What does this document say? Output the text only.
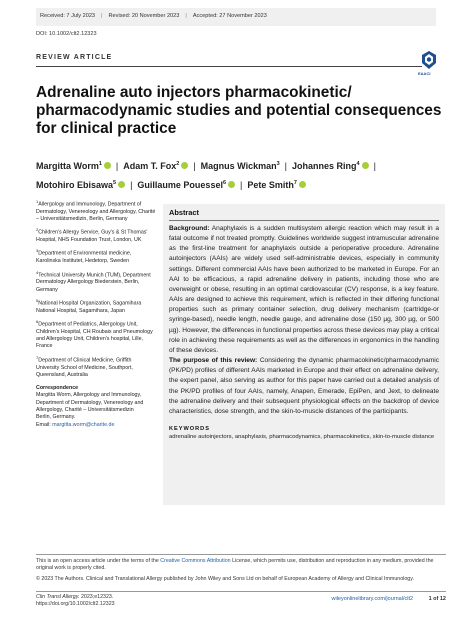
Received: 7 July 2023 | Revised: 20 November 2023 | Accepted: 27 November 2023
DOI: 10.1002/clt2.12323
REVIEW ARTICLE
EAACI
Adrenaline auto injectors pharmacokinetic/ pharmacodynamic studies and potential consequences for clinical practice
Margitta Worm$^1$ | Adam T. Fox$^2$ | Magnus Wickman$^3$ | Johannes Ring$^4$ |
Motohiro Ebisawa$^5$ | Guillaume Pouessel$^6$ | Pete Smith$^7$
$^1$Allergology and Immunology, Department of Dermatology, Venereology and Allergology, Charité – Universitätsmedizin, Berlin, Germany
$^2$Children's Allergy Service, Guy's & St Thomas' Hospital, NHS Foundation Trust, London, UK
$^3$Department of Environmental medicine, Karolinska Institutet, Hedetorp, Sweden
$^4$Technical University Munich (TUM), Department Dermatology Allergology Biederstein, Berlin, Germany
$^5$National Hospital Organization, Sagamihara National Hospital, Sagamihara, Japan
$^6$Department of Pediatrics, Allergology Unit, Children's Hospital, CH Roubaix and Pneumology and Allergology Unit, Children's hospital, Lille, France
$^7$Department of Clinical Medicine, Griffith University School of Medicine, Southport, Queensland, Australia
Correspondence
Margitta Worm, Allergology and Immunology,
Department of Dermatology, Venereology and
Allergology, Charité – Universitätsmedizin
Berlin, Germany.
Email: margitta.worm@charite.de
Abstract

Background: Anaphylaxis is a sudden multisystem allergic reaction which may result in a fatal outcome if not treated promptly. Guidelines worldwide suggest intramuscular adrenaline as the first-line treatment for anaphylaxis outside a perioperative procedure. Adrenaline autoinjectors (AAIs) are widely used self-administrable devices, especially in community settings. Different commercial AAIs have been authorized to be marketed in Europe. For an AAI to be efficacious, a rapid adrenaline delivery in patients, including those who are overweight or obese, resulting in an optimal cardiovascular (CV) response, is a key feature. AAIs are designed to achieve this requirement, which is reflected in their differing functional properties such as primary container selection, drug delivery mechanism (cartridge-or syringe-based), needle length, needle gauge, and adrenaline dose (150 µg, 300 µg, or 500 µg). However, the differences in functional properties across these devices may play a critical role in achieving these requirements as well as the differences in ergonomics in the handling of these devices.

The purpose of this review: Considering the dynamic pharmacokinetic/pharmacodynamic (PK/PD) profiles of different AAIs marketed in Europe and their effect on adrenaline delivery, the expert panel, also serving as author for this paper have carried out a detailed analysis of the PK/PD profiles of four AAIs, namely, Anapen, Emerade, EpiPen, and Jext, to delineate the adrenaline delivery and their subsequent physiological effects on the backdrop of device characteristics, dose strength, and the skin-to-muscle distances of the participants.

KEYWORDS
adrenaline autoinjectors, anaphylaxis, pharmacodynamics, pharmacokinetics, skin-to-muscle distance
This is an open access article under the terms of the Creative Commons Attribution License, which permits use, distribution and reproduction in any medium, provided the original work is properly cited.
© 2023 The Authors. Clinical and Translational Allergy published by John Wiley and Sons Ltd on behalf of European Academy of Allergy and Clinical Immunology.
Clin Transl Allergy. 2023;e12323.
https://doi.org/10.1002/clt2.12323
wileyonlinelibrary.com/journal/clt2	1 of 12
